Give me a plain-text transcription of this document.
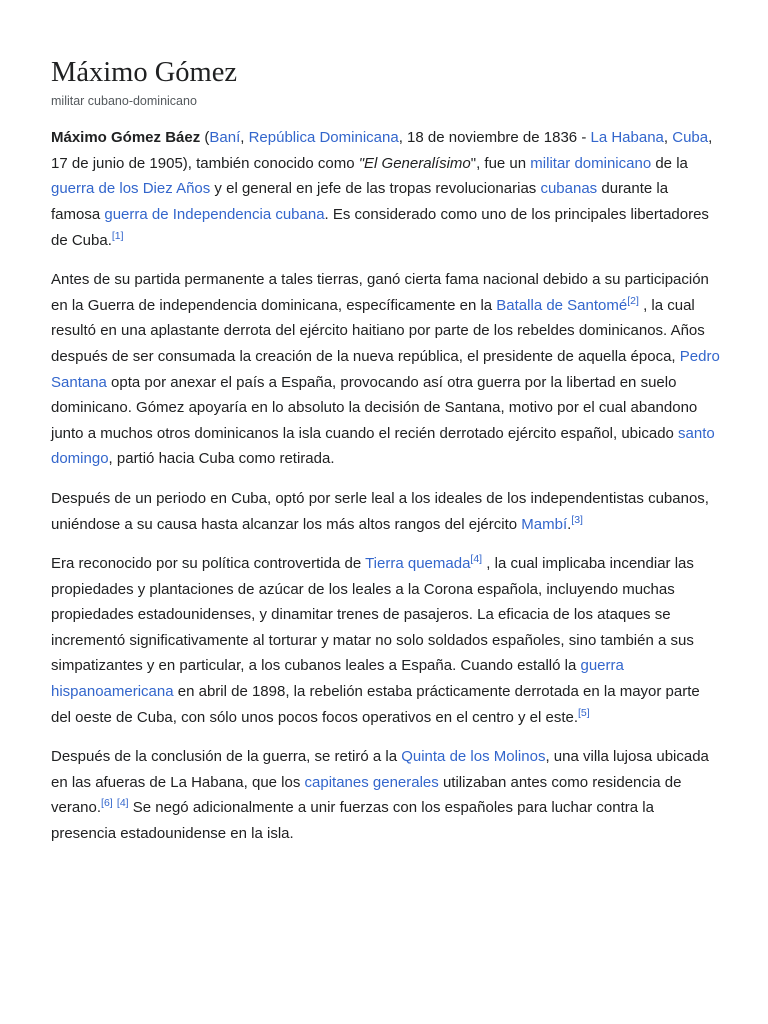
Máximo Gómez
militar cubano-dominicano

Máximo Gómez Báez (Baní, República Dominicana, 18 de noviembre de 1836 - La Habana, Cuba, 17 de junio de 1905), también conocido como "El Generalísimo", fue un militar dominicano de la guerra de los Diez Años y el general en jefe de las tropas revolucionarias cubanas durante la famosa guerra de Independencia cubana. Es considerado como uno de los principales libertadores de Cuba.[1]

Antes de su partida permanente a tales tierras, ganó cierta fama nacional debido a su participación en la Guerra de independencia dominicana, específicamente en la Batalla de Santomé[2] , la cual resultó en una aplastante derrota del ejército haitiano por parte de los rebeldes dominicanos. Años después de ser consumada la creación de la nueva república, el presidente de aquella época, Pedro Santana opta por anexar el país a España, provocando así otra guerra por la libertad en suelo dominicano. Gómez apoyaría en lo absoluto la decisión de Santana, motivo por el cual abandono junto a muchos otros dominicanos la isla cuando el recién derrotado ejército español, ubicado santo domingo, partió hacia Cuba como retirada.

Después de un periodo en Cuba, optó por serle leal a los ideales de los independentistas cubanos, uniéndose a su causa hasta alcanzar los más altos rangos del ejército Mambí.[3]

Era reconocido por su política controvertida de Tierra quemada[4] , la cual implicaba incendiar las propiedades y plantaciones de azúcar de los leales a la Corona española, incluyendo muchas propiedades estadounidenses, y dinamitar trenes de pasajeros. La eficacia de los ataques se incrementó significativamente al torturar y matar no solo soldados españoles, sino también a sus simpatizantes y en particular, a los cubanos leales a España. Cuando estalló la guerra hispanoamericana en abril de 1898, la rebelión estaba prácticamente derrotada en la mayor parte del oeste de Cuba, con sólo unos pocos focos operativos en el centro y el este.[5]

Después de la conclusión de la guerra, se retiró a la Quinta de los Molinos, una villa lujosa ubicada en las afueras de La Habana, que los capitanes generales utilizaban antes como residencia de verano.[6] [4] Se negó adicionalmente a unir fuerzas con los españoles para luchar contra la presencia estadounidense en la isla.
